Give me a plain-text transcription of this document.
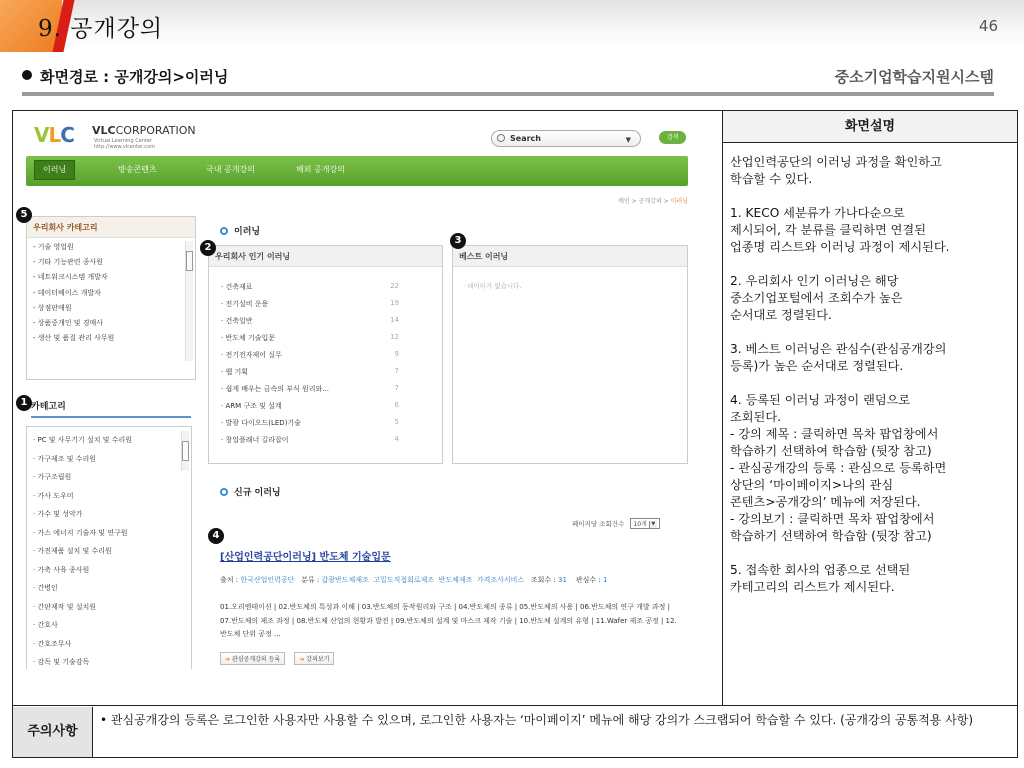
9. 공개강의	46
화면경로 : 공개강의>이러닝	중소기업학습지원시스템
화면설명

산업인력공단의 이러닝 과정을 확인하고
학습할 수 있다.

1. KECO 세분류가 가나다순으로
제시되어, 각 분류를 클릭하면 연결된
업종명 리스트와 이러닝 과정이 제시된다.

2. 우리회사 인기 이러닝은 해당
중소기업포털에서 조회수가 높은
순서대로 정렬된다.

3. 베스트 이러닝은 관심수(관심공개강의
등록)가 높은 순서대로 정렬된다.

4. 등록된 이러닝 과정이 랜덤으로
조회된다.
- 강의 제목 : 클릭하면 목차 팝업창에서
학습하기 선택하여 학습함 (뒷장 참고)
- 관심공개강의 등록 : 관심으로 등록하면
상단의 ‘마이페이지>나의 관심
콘텐츠>공개강의’ 메뉴에 저장된다.
- 강의보기 : 클릭하면 목차 팝업창에서
학습하기 선택하여 학습함 (뒷장 참고)

5. 접속한 회사의 업종으로 선택된
카테고리의 리스트가 제시된다.

주의사항
• 관심공개강의 등록은 로그인한 사용자만 사용할 수 있으며, 로그인한 사용자는 ‘마이페이지’ 메뉴에 해당 강의가 스크랩되어 학습할 수 있다. (공개강의 공통적용 사항)
VLC VLCCORPORATION
Virtual Learning Center
http://www.vlcenter.com
Search	▼	검색
이러닝	방송콘텐츠	국내 공개강의	해외 공개강의
메인 > 공개강의 > 이러닝
우리회사 카테고리
- 기술 영업원
- 기타 기능관련 종사원
- 네트워크시스템 개발자
- 데이터베이스 개발자
- 상점판매원
- 상품중개인 및 경매사
- 생산 및 품질 관리 사무원
이러닝
우리회사 인기 이러닝
· 건축재료	22
· 전기설비 운용	19
· 건축일반	14
· 반도체 기술입문	12
· 전기전자제어 실무	9
· 웹 기획	7
· 쉽게 배우는 금속의 부식 원리와...	7
· ARM 구조 및 설계	6
· 발광 다이오드(LED)기술	5
· 창업플래너 길라잡이	4
베스트 이러닝
· 데이터가 없습니다.
카테고리
· PC 및 사무기기 설치 및 수리원
· 가구제조 및 수리원
· 가구조립원
· 가사 도우미
· 가수 및 성악가
· 가스 에너지 기술자 및 연구원
· 가전제품 설치 및 수리원
· 가축 사육 종사원
· 간병인
· 간판제작 및 설치원
· 간호사
· 간호조무사
· 감독 및 기술감독
신규 이러닝
페이지당 조회건수 10개 ▼
[산업인력공단이러닝] 반도체 기술입문
출처 : 한국산업인력공단 분류 : 갑광반도체제조 고밀도직접회로제조 반도체제조 가격조사서비스 조회수 : 31 관심수 : 1
01.오리엔테이션 | 02.반도체의 특성과 이해 | 03.반도체의 동작원리와 구조 | 04.반도체의 종류 | 05.반도체의 사용 | 06.반도체의 연구 개발 과정 | 07.반도체의 제조 과정 | 08.반도체 산업의 현황과 발전 | 09.반도체의 설계 및 마스크 제작 기술 | 10.반도체 설계의 유형 | 11.Wafer 제조 공정 | 12.반도체 단위 공정 ...
➔ 관심공개강의 등록	➔ 강의보기
5
2
3
1
4
